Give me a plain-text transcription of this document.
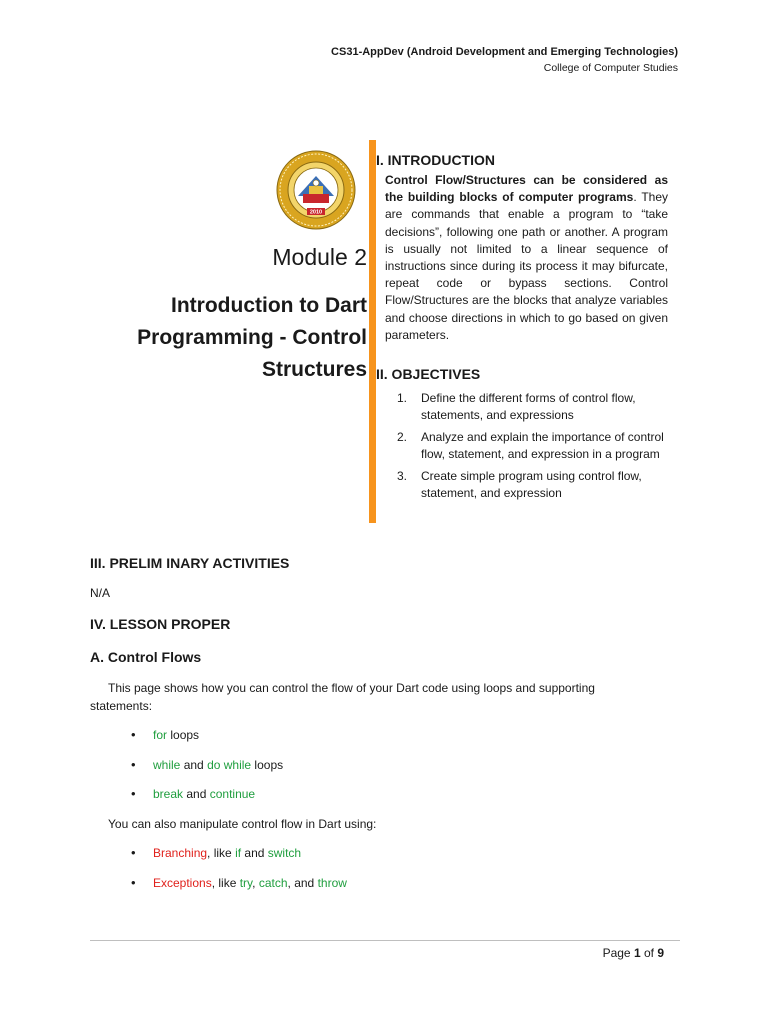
CS31-AppDev (Android Development and Emerging Technologies)
College of Computer Studies
2010
Module 2
Introduction to Dart
Programming - Control
Structures
I. INTRODUCTION
Control Flow/Structures can be considered as the building blocks of computer programs. They are commands that enable a program to “take decisions”, following one path or another. A program is usually not limited to a linear sequence of instructions since during its process it may bifurcate, repeat code or bypass sections. Control Flow/Structures are the blocks that analyze variables and choose directions in which to go based on given parameters.
II. OBJECTIVES
1. Define the different forms of control flow, statements, and expressions
2. Analyze and explain the importance of control flow, statement, and expression in a program
3. Create simple program using control flow, statement, and expression
III. PRELIM INARY ACTIVITIES
N/A
IV. LESSON PROPER
A. Control Flows
This page shows how you can control the flow of your Dart code using loops and supporting statements:
• for loops
• while and do while loops
• break and continue
You can also manipulate control flow in Dart using:
• Branching, like if and switch
• Exceptions, like try, catch, and throw
Page 1 of 9
